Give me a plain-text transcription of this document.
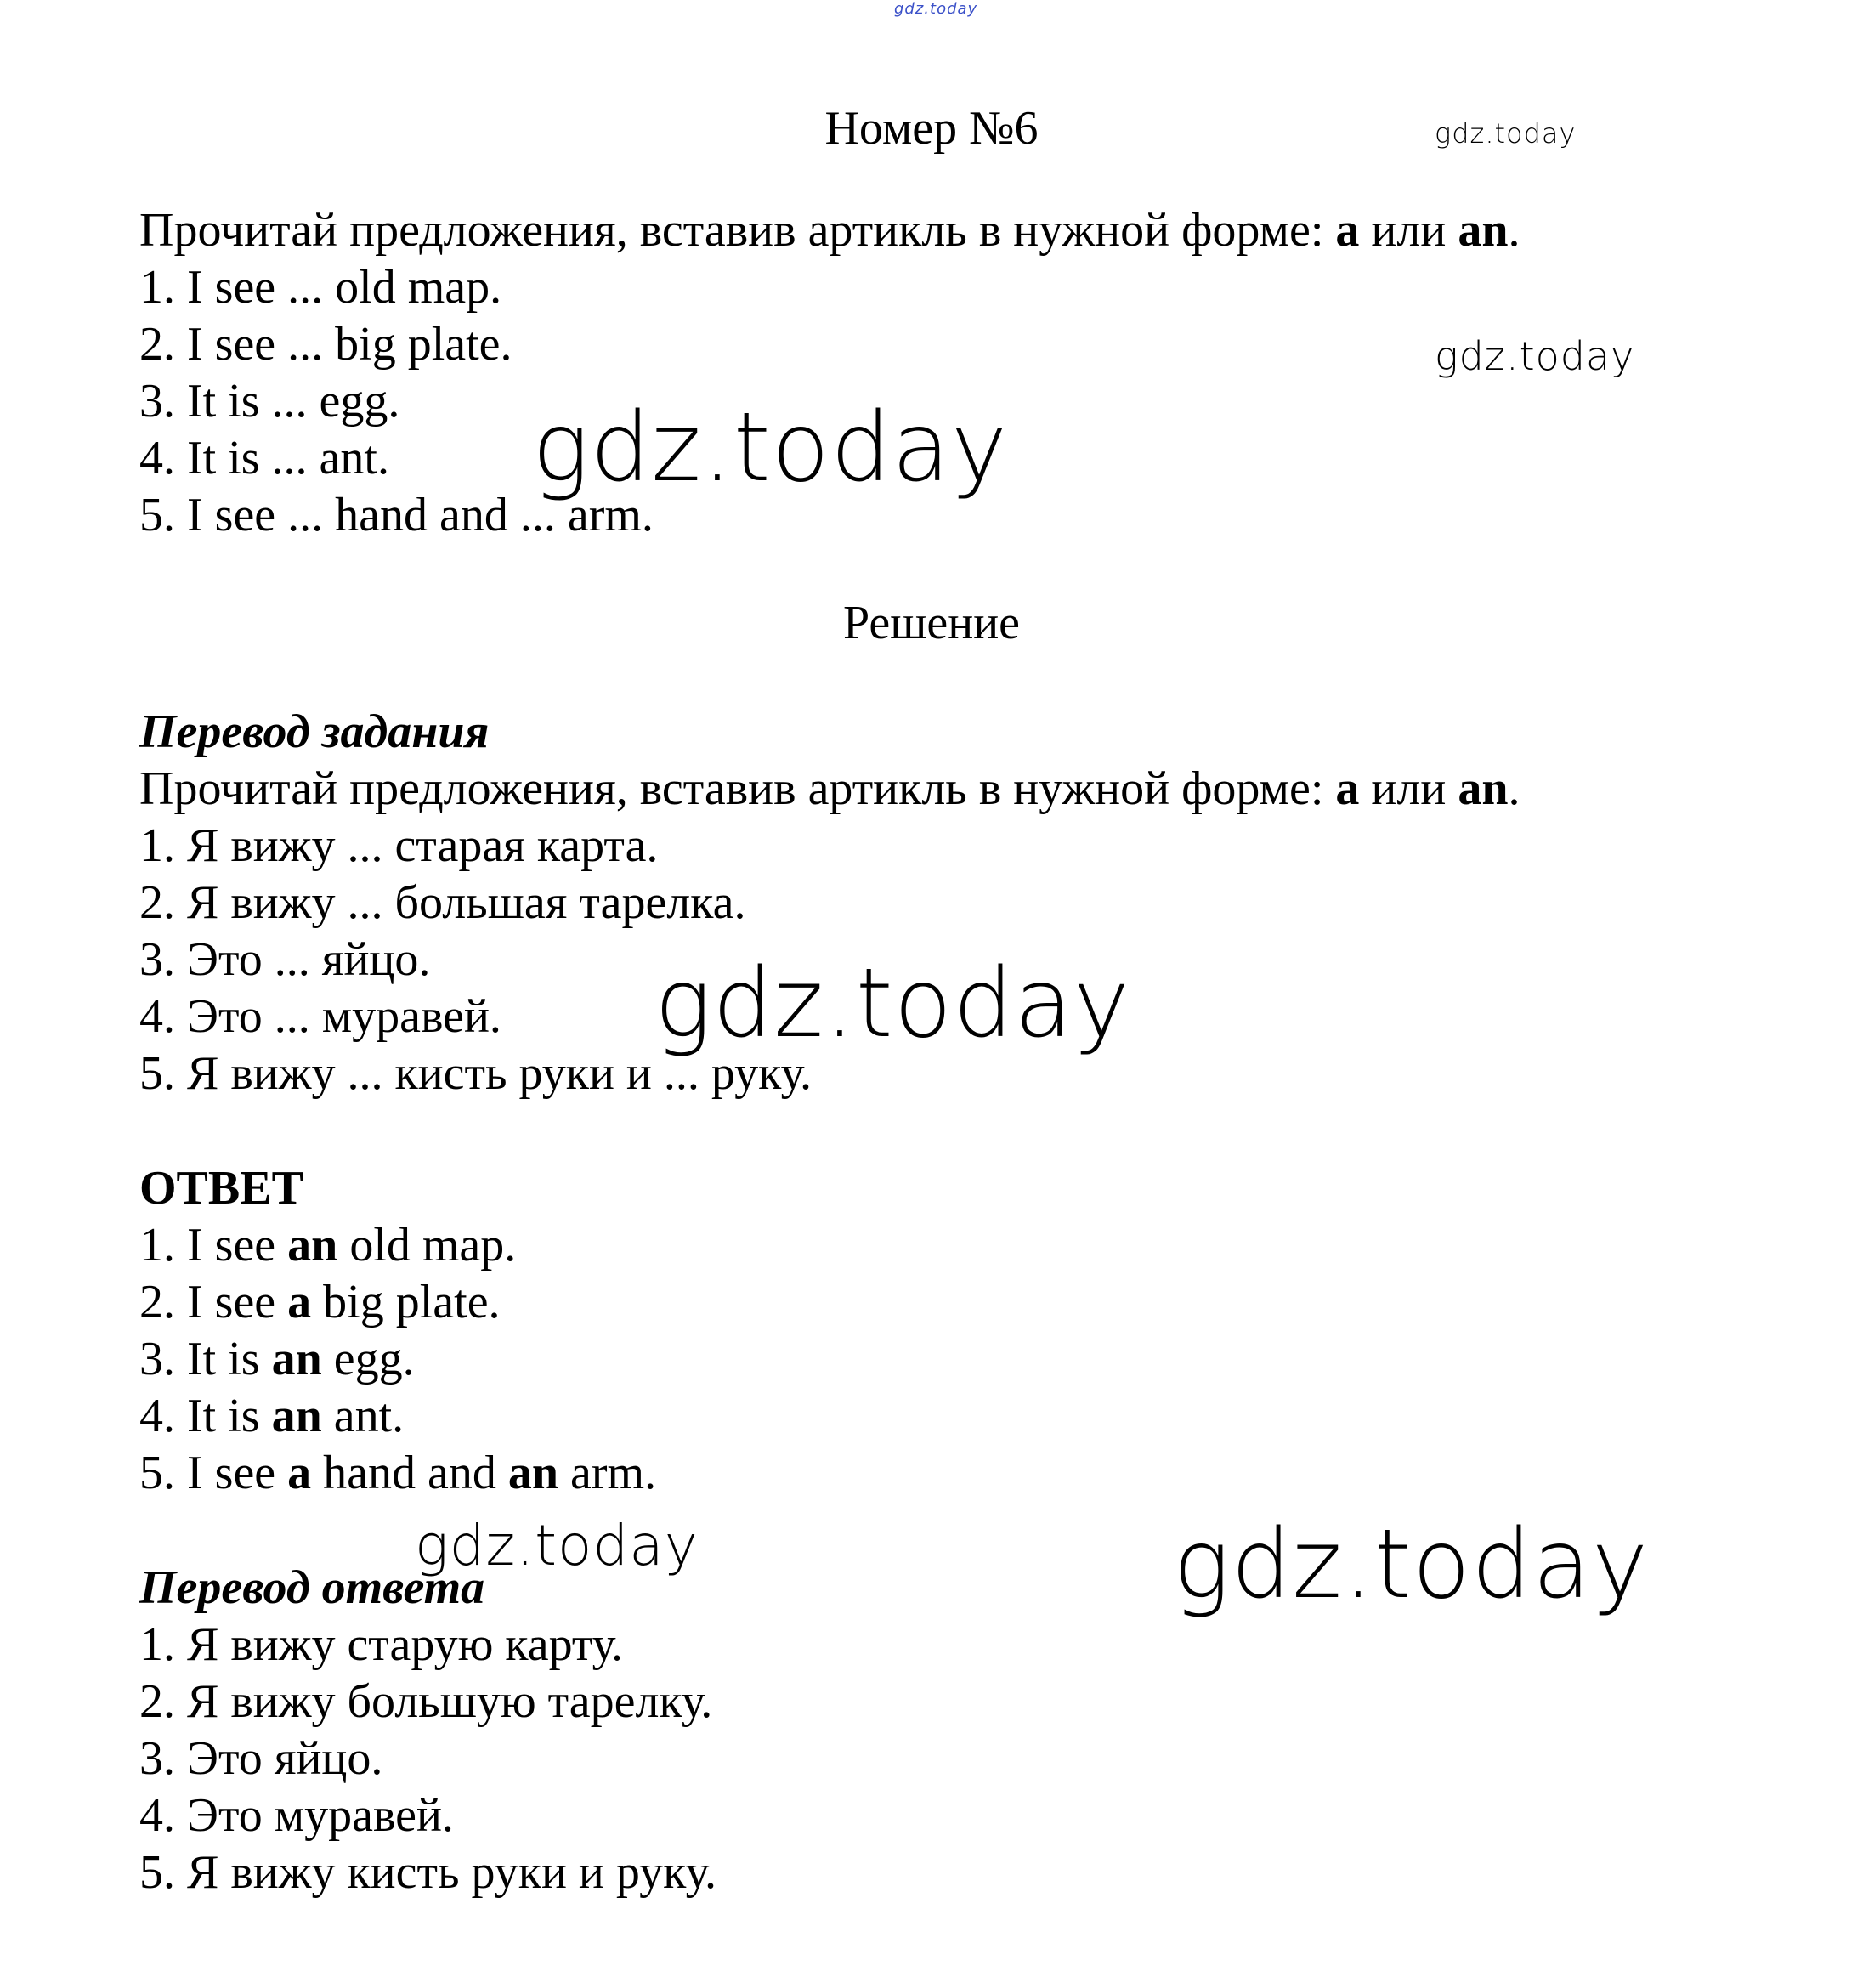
gdz.today
gdz.today
gdz.today
gdz.today
gdz.today
gdz.today	gdz.today
Номер №6
Прочитай предложения, вставив артикль в нужной форме: a или an.
1. I see ... old map.
2. I see ... big plate.
3. It is ... egg.
4. It is ... ant.
5. I see ... hand and ... arm.
Решение
Перевод задания
Прочитай предложения, вставив артикль в нужной форме: a или an.
1. Я вижу ... старая карта.
2. Я вижу ... большая тарелка.
3. Это ... яйцо.
4. Это ... муравей.
5. Я вижу ... кисть руки и ... руку.
ОТВЕТ
1. I see an old map.
2. I see a big plate.
3. It is an egg.
4. It is an ant.
5. I see a hand and an arm.
Перевод ответа
1. Я вижу старую карту.
2. Я вижу большую тарелку.
3. Это яйцо.
4. Это муравей.
5. Я вижу кисть руки и руку.
